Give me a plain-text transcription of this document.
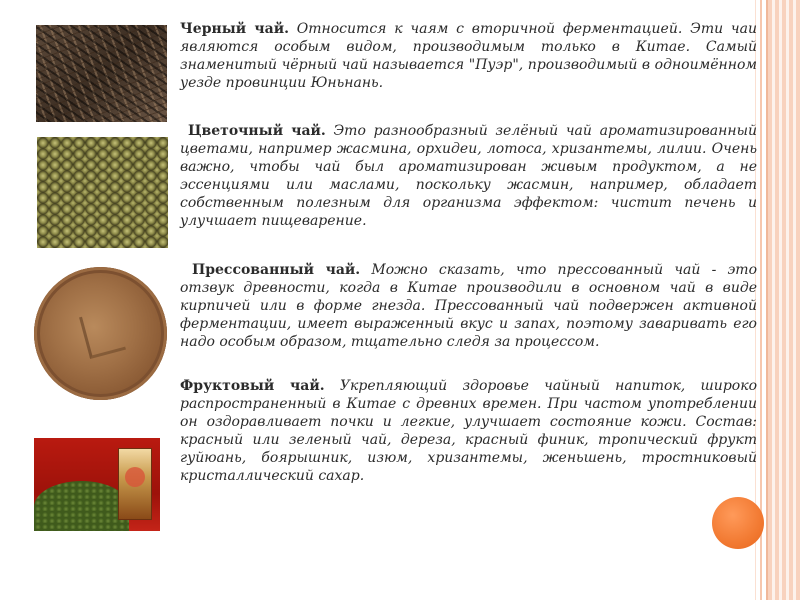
Черный чай. Относится к чаям с вторичной ферментацией. Эти чаи являются особым видом, производимым только в Китае. Самый знаменитый чёрный чай называется "Пуэр", производимый в одноимённом уезде провинции Юньнань.
Цветочный чай. Это разнообразный зелёный чай ароматизированный цветами, например жасмина, орхидеи, лотоса, хризантемы, лилии. Очень важно, чтобы чай был ароматизирован живым продуктом, а не эссенциями или маслами, поскольку жасмин, например, обладает собственным полезным для организма эффектом: чистит печень и улучшает пищеварение.
Прессованный чай. Можно сказать, что прессованный чай - это отзвук древности, когда в Китае производили в основном чай в виде кирпичей или в форме гнезда. Прессованный чай подвержен активной ферментации, имеет выраженный вкус и запах, поэтому заваривать его надо особым образом, тщательно следя за процессом.
Фруктовый чай. Укрепляющий здоровье чайный напиток, широко распространенный в Китае с древних времен. При частом употреблении он оздоравливает почки и легкие, улучшает состояние кожи. Состав: красный или зеленый чай, дереза, красный финик, тропический фрукт гуйюань, боярышник, изюм, хризантемы, женьшень, тростниковый кристаллический сахар.
